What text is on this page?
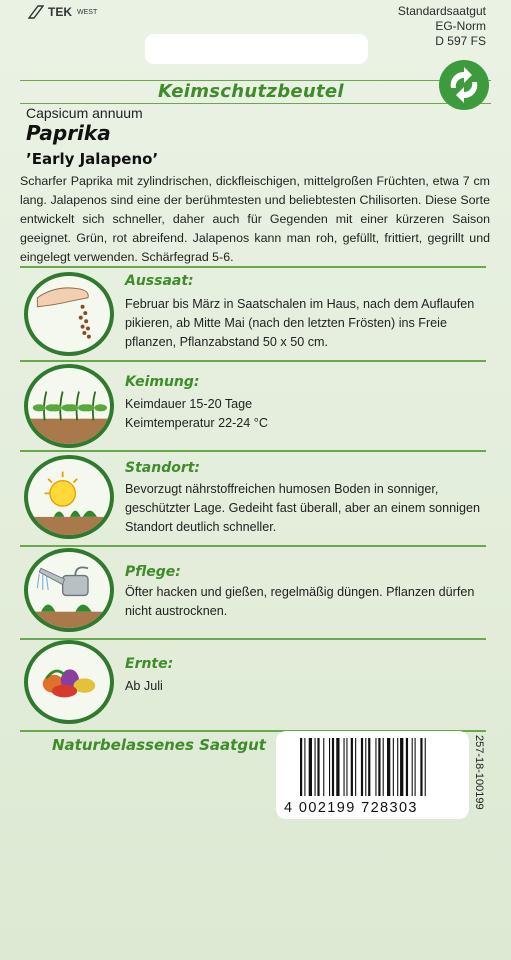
TEK WEST	Standardsaatgut
EG-Norm
D 597 FS
Keimschutzbeutel
Capsicum annuum
Paprika
’Early Jalapeno’
Scharfer Paprika mit zylindrischen, dickfleischigen, mittelgroßen Früchten, etwa 7 cm lang. Jalapenos sind eine der berühmtesten und beliebtesten Chilisorten. Diese Sorte entwickelt sich schneller, daher auch für Gegenden mit einer kürzeren Saison geeignet. Grün, rot abreifend. Jalapenos kann man roh, gefüllt, frittiert, gegrillt und eingelegt verwenden. Schärfegrad 5-6.
Aussaat:
Februar bis März in Saatschalen im Haus, nach dem Auflaufen pikieren, ab Mitte Mai (nach den letzten Frösten) ins Freie pflanzen, Pflanzabstand 50 x 50 cm.
Keimung:
Keimdauer 15-20 Tage
Keimtemperatur 22-24 °C
Standort:
Bevorzugt nährstoffreichen humosen Boden in sonniger, geschützter Lage. Gedeiht fast überall, aber an einem sonnigen Standort deutlich schneller.
Pflege:
Öfter hacken und gießen, regelmäßig düngen. Pflanzen dürfen nicht austrocknen.
Ernte:
Ab Juli
Naturbelassenes Saatgut
4 002199 728303	257-18-100199
